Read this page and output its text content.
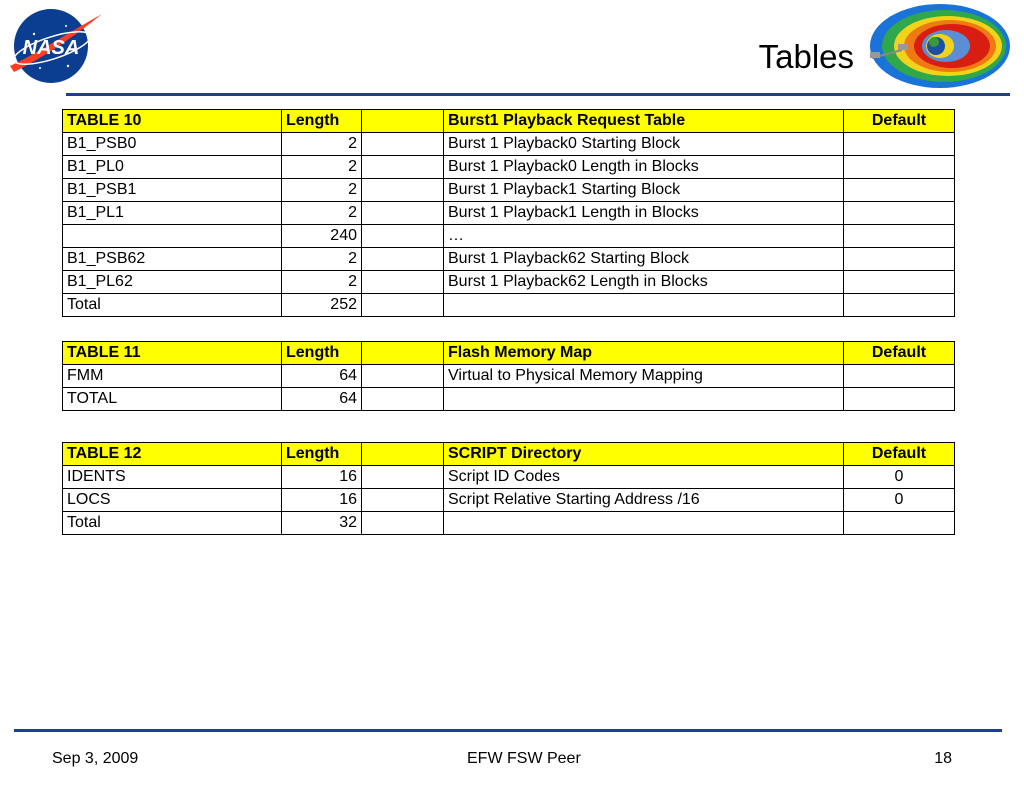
NASA	Tables
TABLE 10	Length		Burst1 Playback Request Table	Default
B1_PSB0	2		Burst 1 Playback0 Starting Block	
B1_PL0	2		Burst 1 Playback0 Length in Blocks	
B1_PSB1	2		Burst 1 Playback1 Starting Block	
B1_PL1	2		Burst 1 Playback1 Length in Blocks	
	240		…	
B1_PSB62	2		Burst 1 Playback62 Starting Block	
B1_PL62	2		Burst 1 Playback62 Length in Blocks	
Total	252			
TABLE 11	Length		Flash Memory Map	Default
FMM	64		Virtual to Physical Memory Mapping	
TOTAL	64			
TABLE 12	Length		SCRIPT Directory	Default
IDENTS	16		Script ID Codes	0
LOCS	16		Script Relative Starting Address /16	0
Total	32			
Sep 3, 2009	EFW FSW Peer	18
